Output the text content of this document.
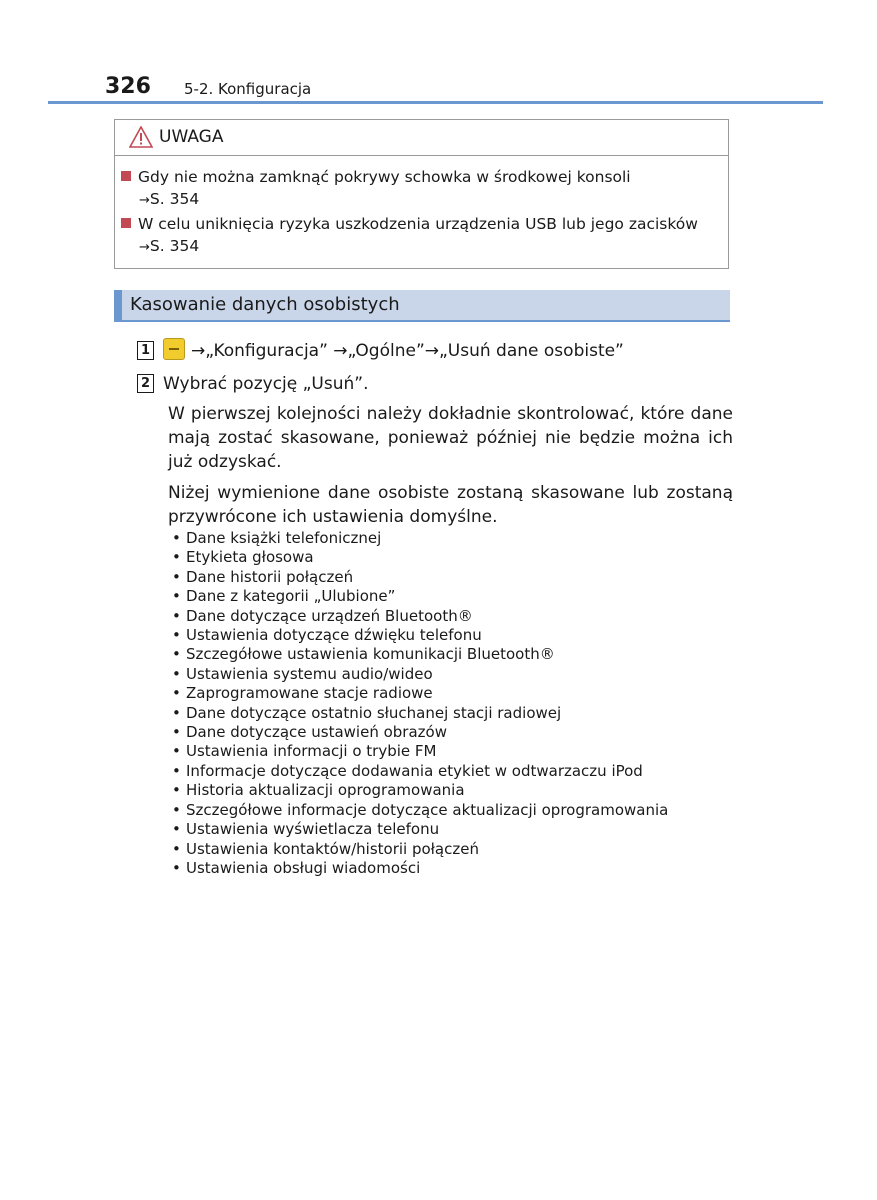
326 5-2. Konfiguracja
UWAGA
Gdy nie można zamknąć pokrywy schowka w środkowej konsoli
→S. 354
W celu uniknięcia ryzyka uszkodzenia urządzenia USB lub jego zacisków
→S. 354
Kasowanie danych osobistych
1 →„Konfiguracja” →„Ogólne”→„Usuń dane osobiste”
2 Wybrać pozycję „Usuń”.
W pierwszej kolejności należy dokładnie skontrolować, które dane mają zostać skasowane, ponieważ później nie będzie można ich już odzyskać.
Niżej wymienione dane osobiste zostaną skasowane lub zostaną przywrócone ich ustawienia domyślne.
• Dane książki telefonicznej
• Etykieta głosowa
• Dane historii połączeń
• Dane z kategorii „Ulubione”
• Dane dotyczące urządzeń Bluetooth®
• Ustawienia dotyczące dźwięku telefonu
• Szczegółowe ustawienia komunikacji Bluetooth®
• Ustawienia systemu audio/wideo
• Zaprogramowane stacje radiowe
• Dane dotyczące ostatnio słuchanej stacji radiowej
• Dane dotyczące ustawień obrazów
• Ustawienia informacji o trybie FM
• Informacje dotyczące dodawania etykiet w odtwarzaczu iPod
• Historia aktualizacji oprogramowania
• Szczegółowe informacje dotyczące aktualizacji oprogramowania
• Ustawienia wyświetlacza telefonu
• Ustawienia kontaktów/historii połączeń
• Ustawienia obsługi wiadomości
